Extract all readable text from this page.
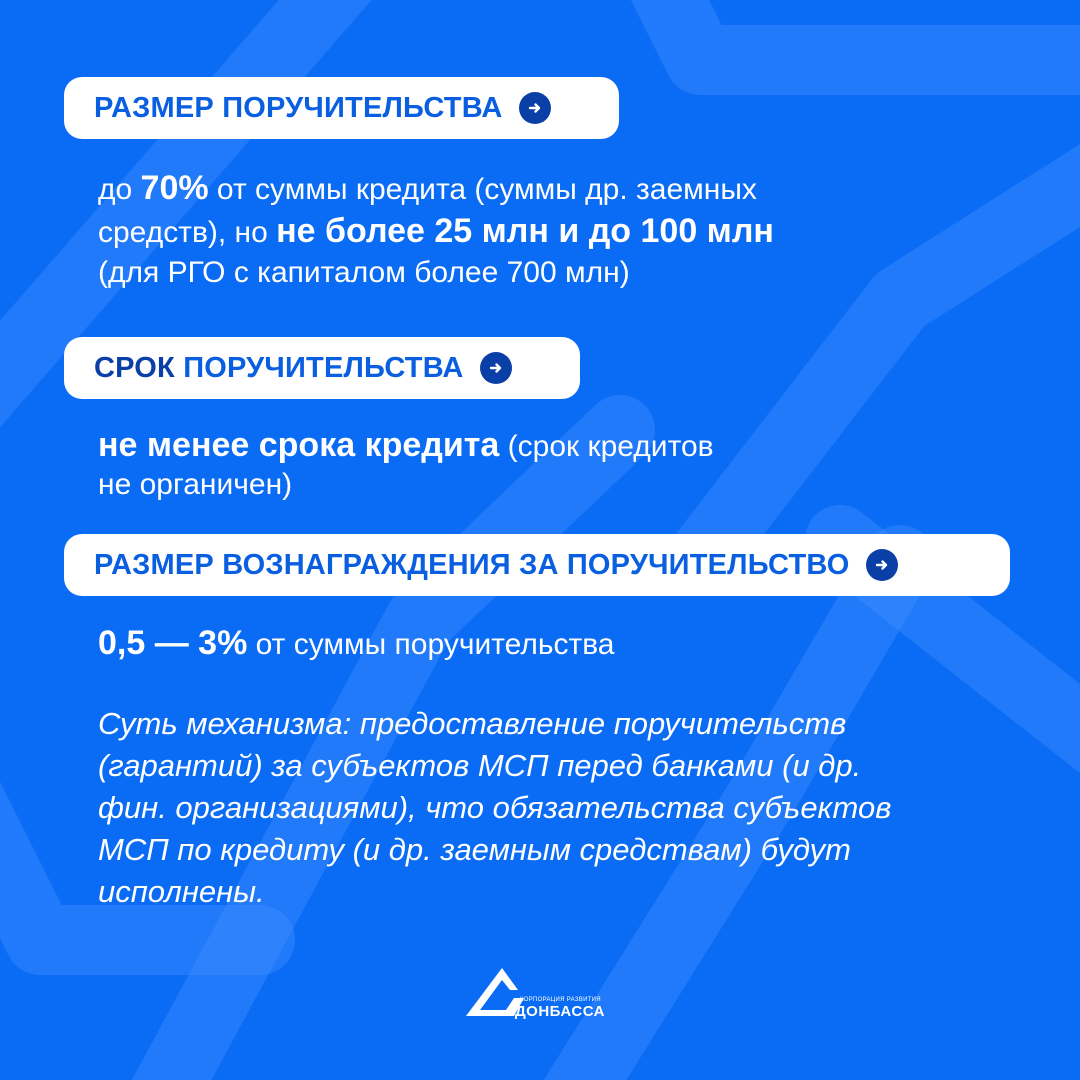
РАЗМЕР ПОРУЧИТЕЛЬСТВА
до 70% от суммы кредита (суммы др. заемных
средств), но не более 25 млн и до 100 млн
(для РГО с капиталом более 700 млн)
СРОК ПОРУЧИТЕЛЬСТВА
не менее срока кредита (срок кредитов
не органичен)
РАЗМЕР ВОЗНАГРАЖДЕНИЯ ЗА ПОРУЧИТЕЛЬСТВО
0,5 — 3% от суммы поручительства
Суть механизма: предоставление поручительств
(гарантий) за субъектов МСП перед банками (и др.
фин. организациями), что обязательства субъектов
МСП по кредиту (и др. заемным средствам) будут
исполнены.
КОРПОРАЦИЯ РАЗВИТИЯ
ДОНБАССА
